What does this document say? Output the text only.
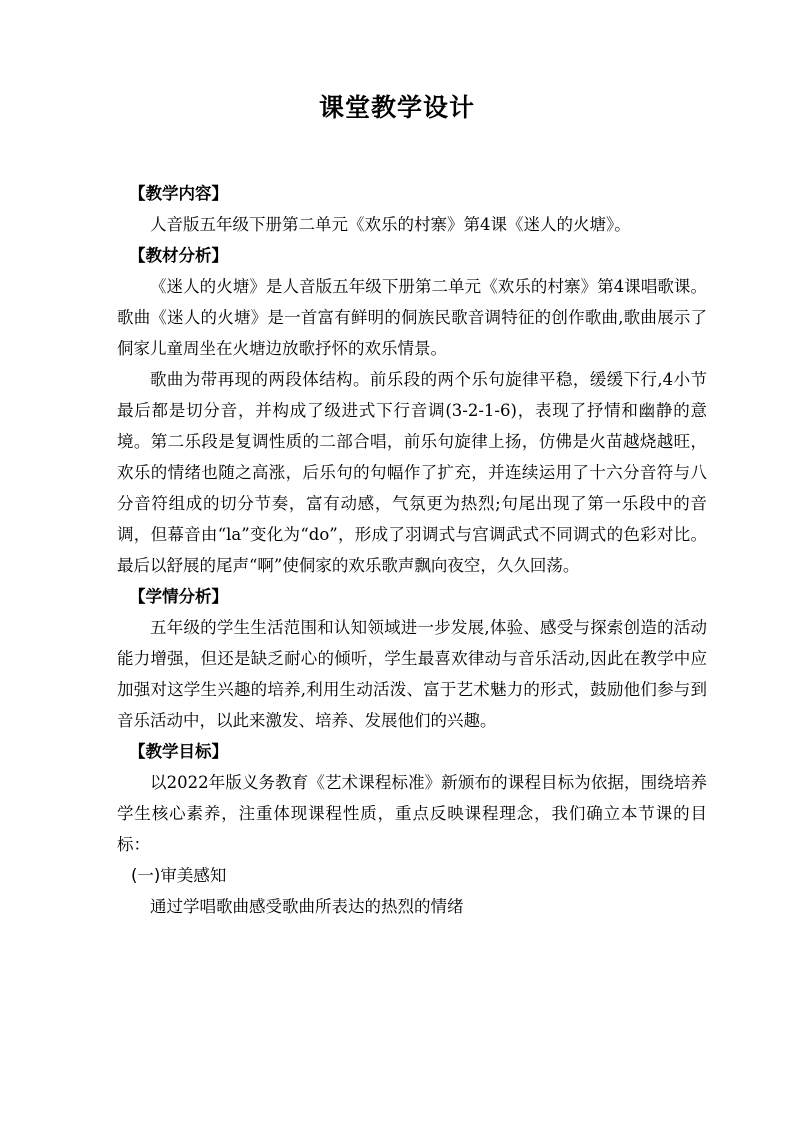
课堂教学设计

【教学内容】

人音版五年级下册第二单元《欢乐的村寨》第4课《迷人的火塘》。

【教材分析】

《迷人的火塘》是人音版五年级下册第二单元《欢乐的村寨》第4课唱歌课。歌曲《迷人的火塘》是一首富有鲜明的侗族民歌音调特征的创作歌曲,歌曲展示了侗家儿童周坐在火塘边放歌抒怀的欢乐情景。

歌曲为带再现的两段体结构。前乐段的两个乐句旋律平稳，缓缓下行,4小节最后都是切分音，并构成了级进式下行音调(3-2-1-6)，表现了抒情和幽静的意境。第二乐段是复调性质的二部合唱，前乐句旋律上扬，仿佛是火苗越烧越旺，欢乐的情绪也随之高涨，后乐句的句幅作了扩充，并连续运用了十六分音符与八分音符组成的切分节奏，富有动感，气氛更为热烈;句尾出现了第一乐段中的音调，但幕音由“la”变化为“do”，形成了羽调式与宫调武式不同调式的色彩对比。最后以舒展的尾声“啊”使侗家的欢乐歌声飘向夜空，久久回荡。

【学情分析】

五年级的学生生活范围和认知领域进一步发展,体验、感受与探索创造的活动能力增强，但还是缺乏耐心的倾听，学生最喜欢律动与音乐活动,因此在教学中应加强对这学生兴趣的培养,利用生动活泼、富于艺术魅力的形式，鼓励他们参与到音乐活动中，以此来激发、培养、发展他们的兴趣。

【教学目标】

以2022年版义务教育《艺术课程标准》新颁布的课程目标为依据，围绕培养学生核心素养，注重体现课程性质，重点反映课程理念，我们确立本节课的目标：

(一)审美感知

通过学唱歌曲感受歌曲所表达的热烈的情绪
